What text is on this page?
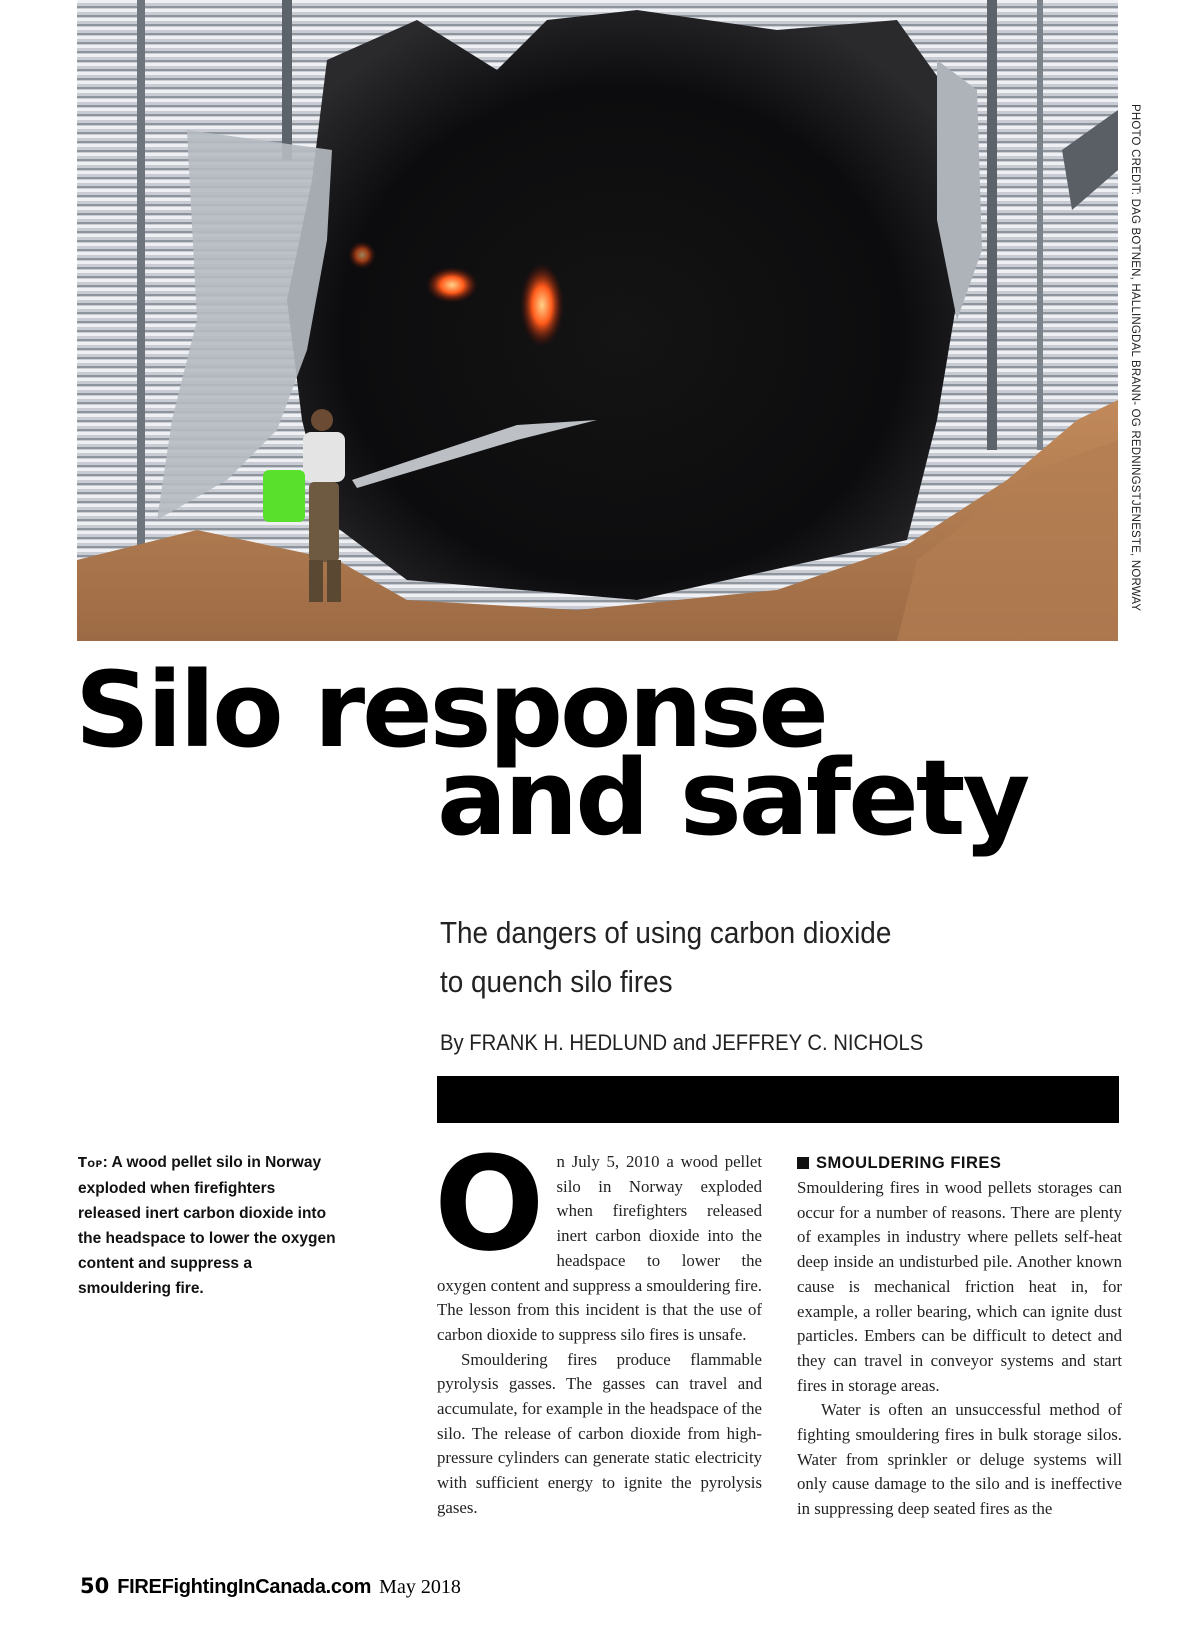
PHOTO CREDIT: DAG BOTNEN, HALLINGDAL BRANN- OG REDNINGSTJENESTE, NORWAY
Silo response
and safety
The dangers of using carbon dioxide
to quench silo fires
By FRANK H. HEDLUND and JEFFREY C. NICHOLS
Top: A wood pellet silo in Norway exploded when firefighters released inert carbon dioxide into the headspace to lower the oxygen content and suppress a smouldering fire.

On July 5, 2010 a wood pellet silo in Norway exploded when firefighters released inert carbon dioxide into the headspace to lower the oxygen content and suppress a smouldering fire. The lesson from this incident is that the use of carbon dioxide to suppress silo fires is unsafe.

Smouldering fires produce flammable pyrolysis gasses. The gasses can travel and accumulate, for example in the headspace of the silo. The release of carbon dioxide from high-pressure cylinders can generate static electricity with sufficient energy to ignite the pyrolysis gases.

SMOULDERING FIRES

Smouldering fires in wood pellets storages can occur for a number of reasons. There are plenty of examples in industry where pellets self-heat deep inside an undisturbed pile. Another known cause is mechanical friction heat in, for example, a roller bearing, which can ignite dust particles. Embers can be difficult to detect and they can travel in conveyor systems and start fires in storage areas.

Water is often an unsuccessful method of fighting smouldering fires in bulk storage silos. Water from sprinkler or deluge systems will only cause damage to the silo and is ineffective in suppressing deep seated fires as the

50 FIREFightingInCanada.com May 2018
